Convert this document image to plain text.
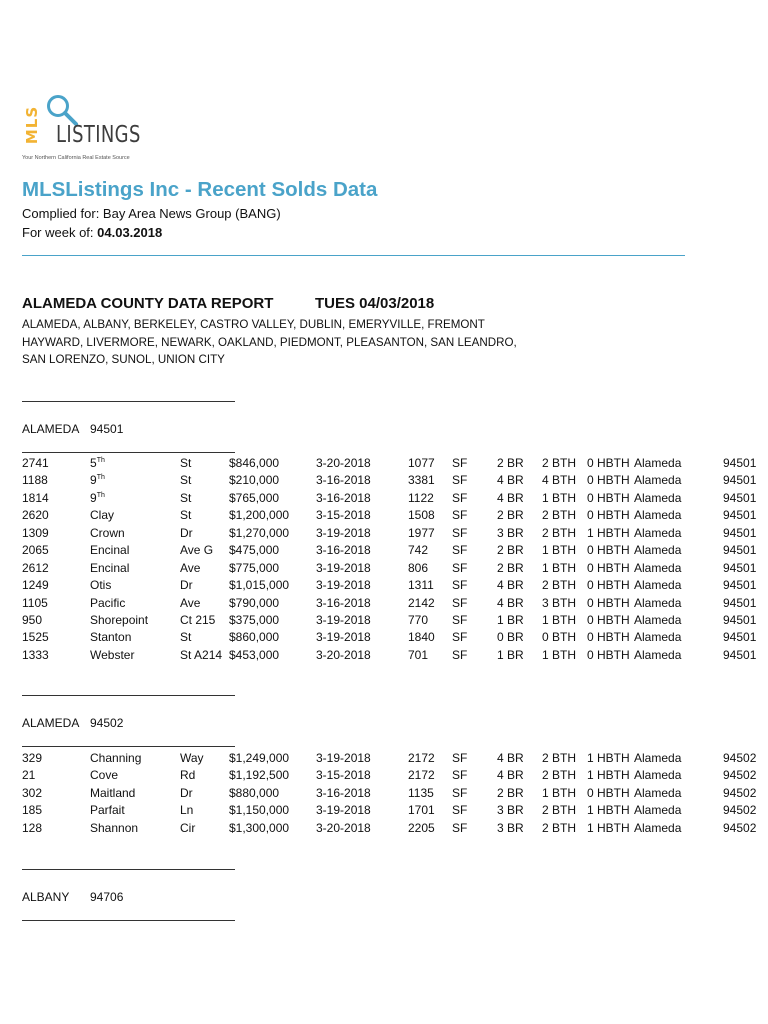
MLS LISTINGS
Your Northern California Real Estate Source
MLSListings Inc - Recent Solds Data
Complied for: Bay Area News Group (BANG)
For week of: 04.03.2018
ALAMEDA COUNTY DATA REPORT	TUES 04/03/2018
ALAMEDA, ALBANY, BERKELEY, CASTRO VALLEY, DUBLIN, EMERYVILLE, FREMONT
HAYWARD, LIVERMORE, NEWARK, OAKLAND, PIEDMONT, PLEASANTON, SAN LEANDRO,
SAN LORENZO, SUNOL, UNION CITY
ALAMEDA 94501
2741	5Th	St	$846,000	3-20-2018	1077 SF 2 BR 2 BTH 0 HBTH Alameda	94501
1188	9Th	St	$210,000	3-16-2018	3381 SF 4 BR 4 BTH 0 HBTH Alameda	94501
1814	9Th	St	$765,000	3-16-2018	1122 SF 4 BR 1 BTH 0 HBTH Alameda	94501
2620	Clay	St	$1,200,000 3-15-2018	1508 SF 2 BR 2 BTH 0 HBTH Alameda	94501
1309	Crown	Dr	$1,270,000 3-19-2018	1977 SF 3 BR 2 BTH 1 HBTH Alameda	94501
2065	Encinal	Ave G $475,000	3-16-2018	742 SF 2 BR 1 BTH 0 HBTH Alameda	94501
2612	Encinal	Ave $775,000	3-19-2018	806 SF 2 BR 1 BTH 0 HBTH Alameda	94501
1249	Otis	Dr	$1,015,000 3-19-2018	1311 SF 4 BR 2 BTH 0 HBTH Alameda	94501
1105	Pacific	Ave $790,000	3-16-2018	2142 SF 4 BR 3 BTH 0 HBTH Alameda	94501
950	Shorepoint	Ct 215 $375,000	3-19-2018	770 SF 1 BR 1 BTH 0 HBTH Alameda	94501
1525	Stanton	St	$860,000	3-19-2018	1840 SF 0 BR 0 BTH 0 HBTH Alameda	94501
1333	Webster	St A214 $453,000	3-20-2018	701 SF 1 BR 1 BTH 0 HBTH Alameda	94501
ALAMEDA 94502
329	Channing	Way $1,249,000 3-19-2018	2172 SF 4 BR 2 BTH 1 HBTH Alameda	94502
21	Cove	Rd	$1,192,500 3-15-2018	2172 SF 4 BR 2 BTH 1 HBTH Alameda	94502
302	Maitland	Dr	$880,000	3-16-2018	1135 SF 2 BR 1 BTH 0 HBTH Alameda	94502
185	Parfait	Ln	$1,150,000 3-19-2018	1701 SF 3 BR 2 BTH 1 HBTH Alameda	94502
128	Shannon	Cir	$1,300,000 3-20-2018	2205 SF 3 BR 2 BTH 1 HBTH Alameda	94502
ALBANY 94706
